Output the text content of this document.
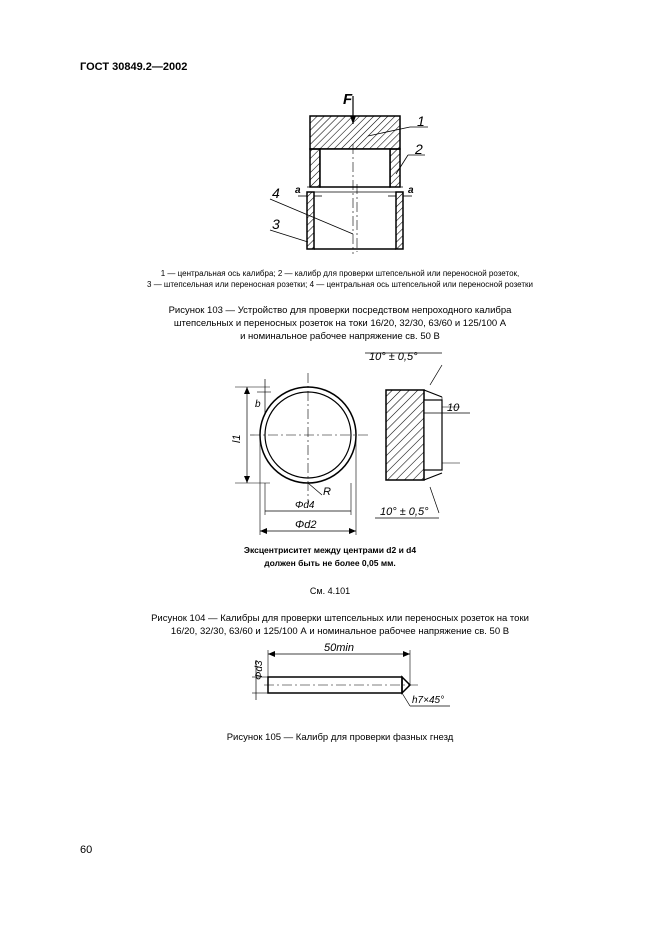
ГОСТ 30849.2—2002
F
1
2
4
3
a	a
1 — центральная ось калибра; 2 — калибр для проверки штепсельной или переносной розеток,
3 — штепсельная или переносная розетки; 4 — центральная ось штепсельной или переносной розетки
Рисунок 103 — Устройство для проверки посредством непроходного калибра
штепсельных и переносных розеток на токи 16/20, 32/30, 63/60 и 125/100 А
и номинальное рабочее напряжение св. 50 В
l1
b
R
Φd4
Φd2
10° ± 0,5°
10
10° ± 0,5°
Эксцентриситет между центрами d2 и d4
должен быть не более 0,05 мм.
См. 4.101
Рисунок 104 — Калибры для проверки штепсельных или переносных розеток на токи
16/20, 32/30, 63/60 и 125/100 А и номинальное рабочее напряжение св. 50 В
50min
Φd3
h7×45°
Рисунок 105 — Калибр для проверки фазных гнезд
60
